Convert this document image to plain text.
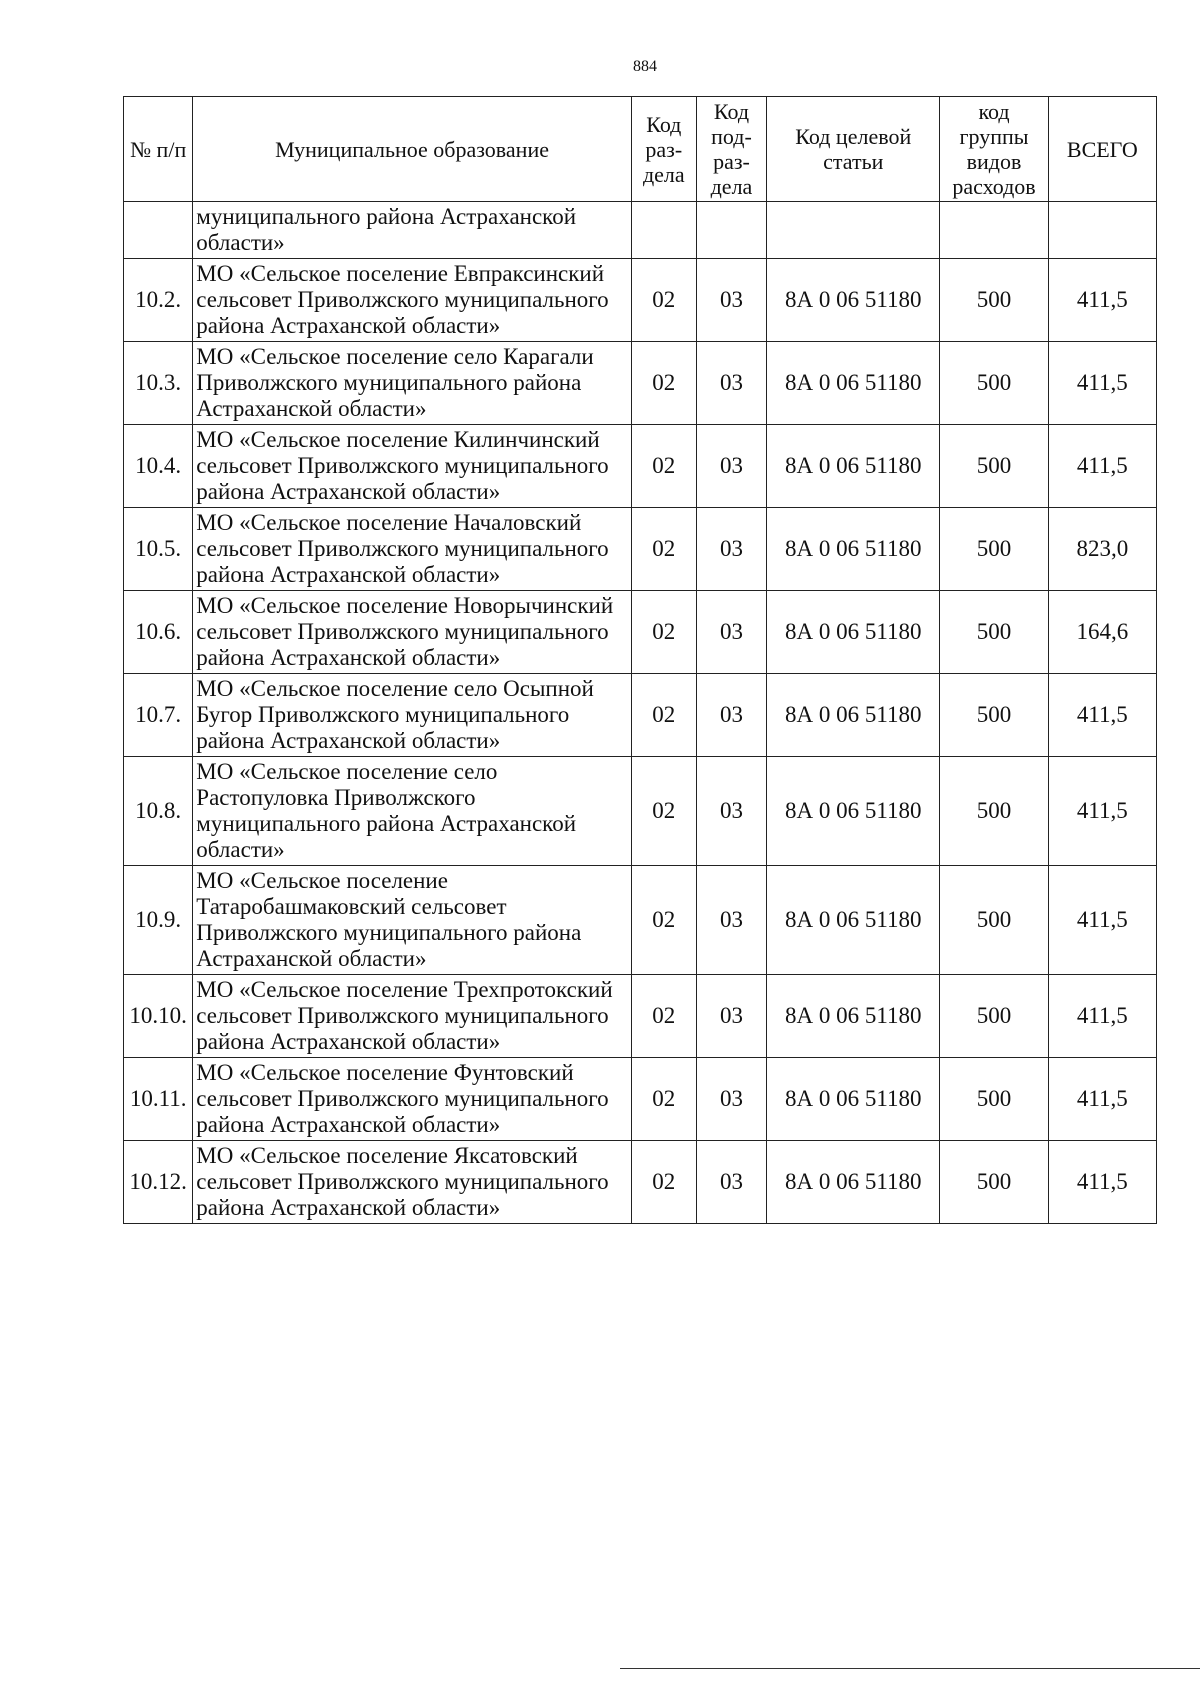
884
№ п/п	Муниципальное образование	Код раз-дела	Код под-раз-дела	Код целевой статьи	код группы видов расходов	ВСЕГО
	муниципального района Астраханской области»					
10.2.	МО «Сельское поселение Евпраксинский сельсовет Приволжского муниципального района Астраханской области»	02	03	8А 0 06 51180	500	411,5
10.3.	МО «Сельское поселение село Карагали Приволжского муниципального района Астраханской области»	02	03	8А 0 06 51180	500	411,5
10.4.	МО «Сельское поселение Килинчинский сельсовет Приволжского муниципального района Астраханской области»	02	03	8А 0 06 51180	500	411,5
10.5.	МО «Сельское поселение Началовский сельсовет Приволжского муниципального района Астраханской области»	02	03	8А 0 06 51180	500	823,0
10.6.	МО «Сельское поселение Новорычинский сельсовет Приволжского муниципального района Астраханской области»	02	03	8А 0 06 51180	500	164,6
10.7.	МО «Сельское поселение село Осыпной Бугор Приволжского муниципального района Астраханской области»	02	03	8А 0 06 51180	500	411,5
10.8.	МО «Сельское поселение село Растопуловка Приволжского муниципального района Астраханской области»	02	03	8А 0 06 51180	500	411,5
10.9.	МО «Сельское поселение Татаробашмаковский сельсовет Приволжского муниципального района Астраханской области»	02	03	8А 0 06 51180	500	411,5
10.10.	МО «Сельское поселение Трехпротокский сельсовет Приволжского муниципального района Астраханской области»	02	03	8А 0 06 51180	500	411,5
10.11.	МО «Сельское поселение Фунтовский сельсовет Приволжского муниципального района Астраханской области»	02	03	8А 0 06 51180	500	411,5
10.12.	МО «Сельское поселение Яксатовский сельсовет Приволжского муниципального района Астраханской области»	02	03	8А 0 06 51180	500	411,5
